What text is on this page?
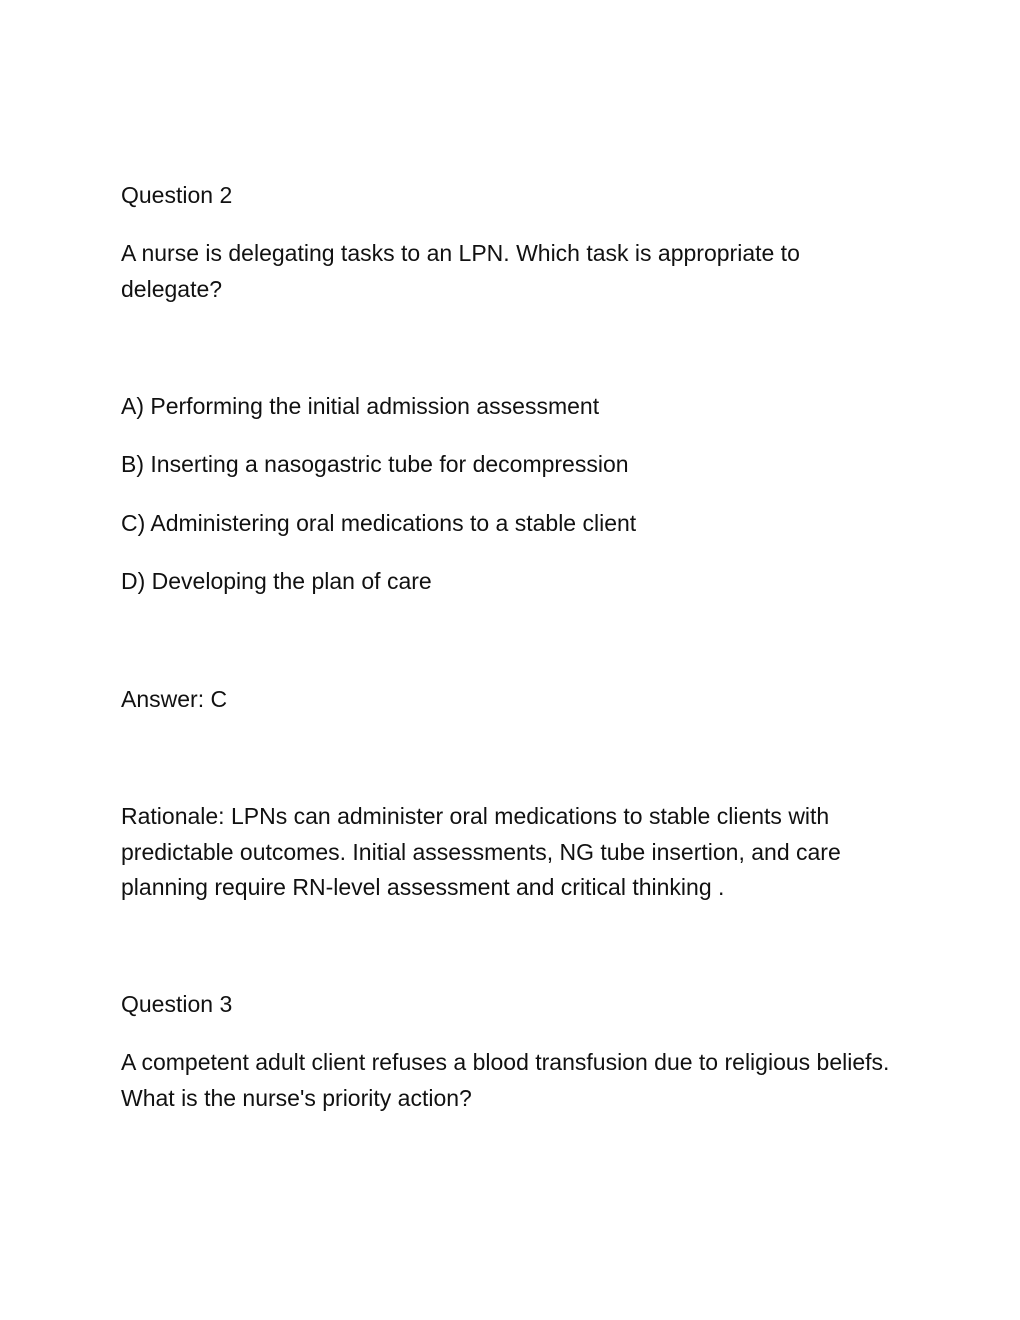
Question 2
A nurse is delegating tasks to an LPN. Which task is appropriate to delegate?
A) Performing the initial admission assessment
B) Inserting a nasogastric tube for decompression
C) Administering oral medications to a stable client
D) Developing the plan of care
Answer: C
Rationale: LPNs can administer oral medications to stable clients with predictable outcomes. Initial assessments, NG tube insertion, and care planning require RN-level assessment and critical thinking .
Question 3
A competent adult client refuses a blood transfusion due to religious beliefs. What is the nurse's priority action?
